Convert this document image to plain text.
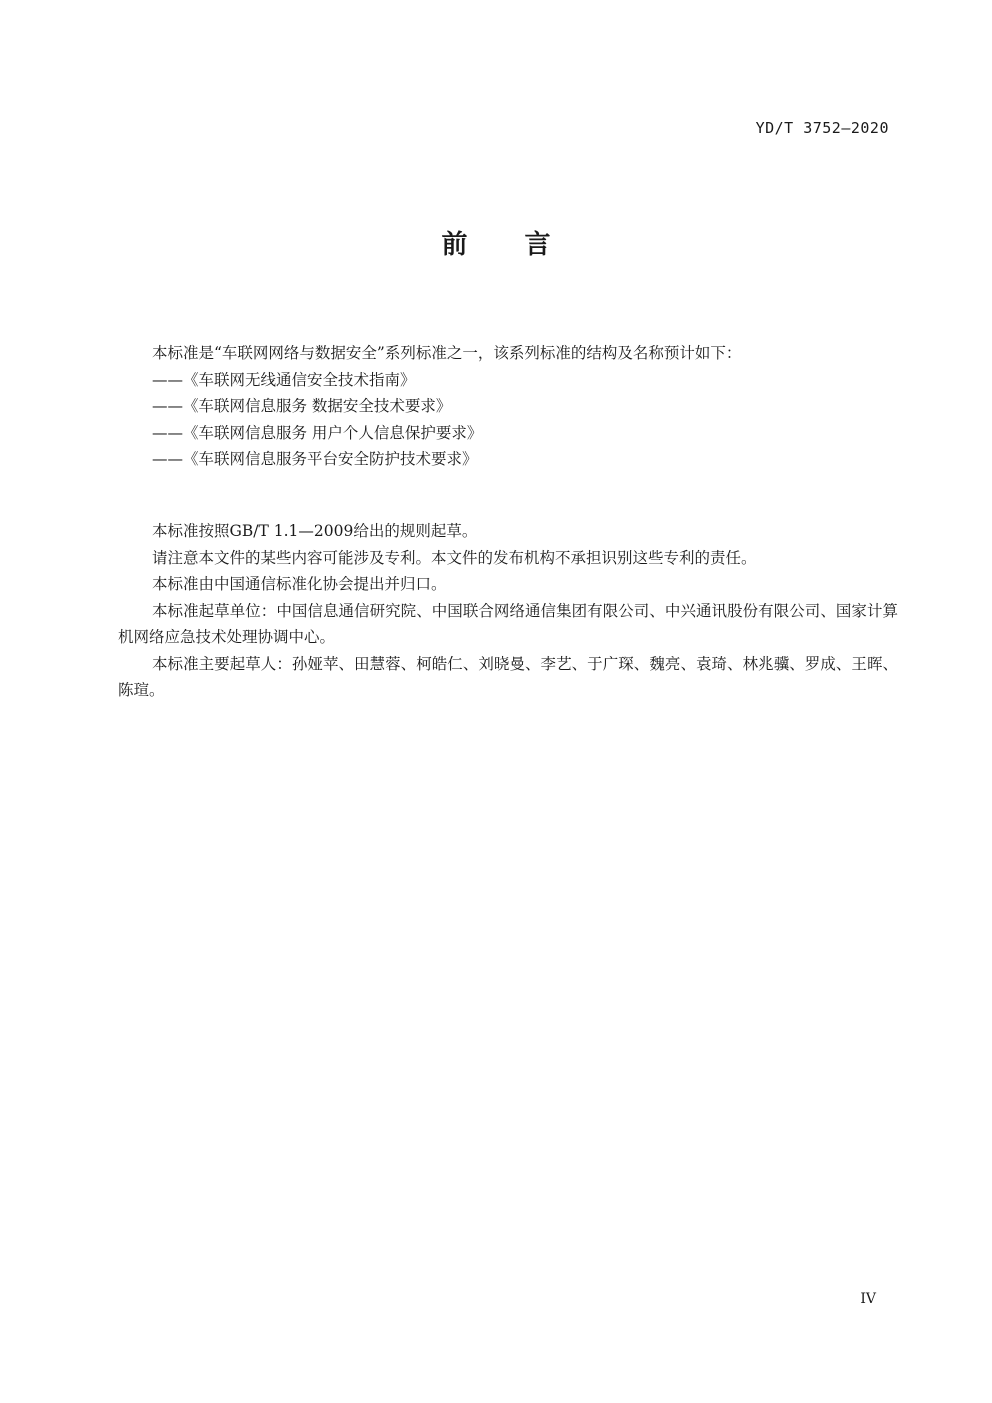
YD/T 3752—2020
前 言

本标准是“车联网网络与数据安全”系列标准之一，该系列标准的结构及名称预计如下：

——《车联网无线通信安全技术指南》

——《车联网信息服务 数据安全技术要求》

——《车联网信息服务 用户个人信息保护要求》

——《车联网信息服务平台安全防护技术要求》

本标准按照GB/T 1.1—2009给出的规则起草。

请注意本文件的某些内容可能涉及专利。本文件的发布机构不承担识别这些专利的责任。

本标准由中国通信标准化协会提出并归口。

本标准起草单位：中国信息通信研究院、中国联合网络通信集团有限公司、中兴通讯股份有限公司、国家计算机网络应急技术处理协调中心。

本标准主要起草人：孙娅苹、田慧蓉、柯皓仁、刘晓曼、李艺、于广琛、魏亮、袁琦、林兆骥、罗成、王晖、陈瑄。

IV
